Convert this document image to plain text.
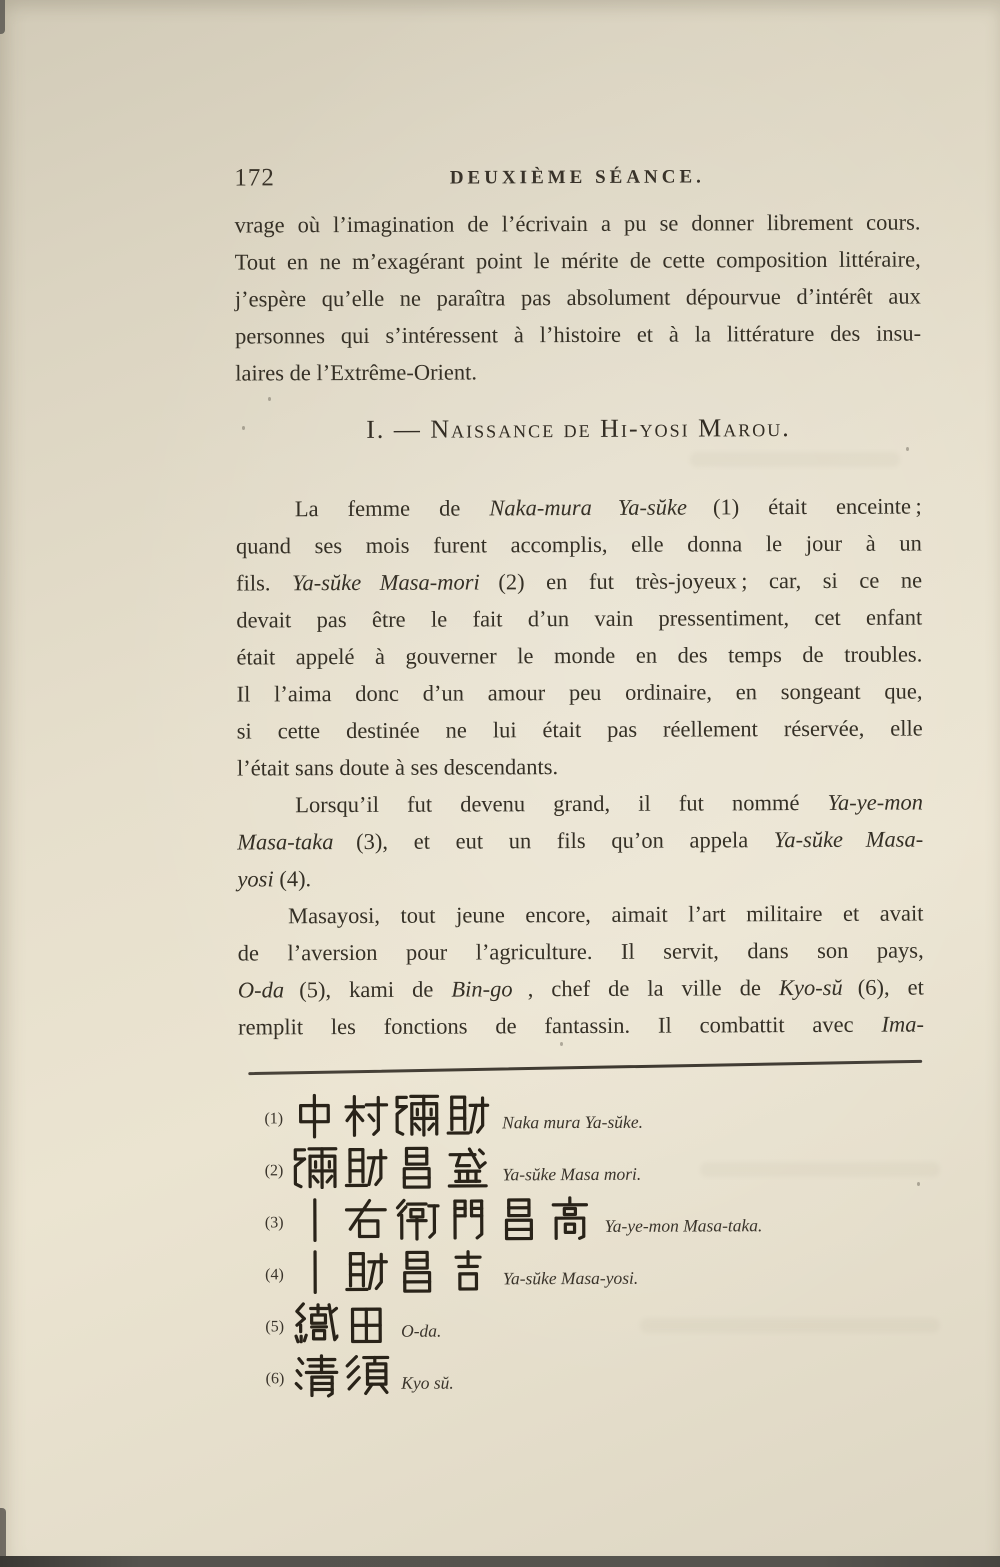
172	DEUXIÈME SÉANCE.
vrage où l’imagination de l’écrivain a pu se donner librement cours.
Tout en ne m’exagérant point le mérite de cette composition littéraire,
j’espère qu’elle ne paraîtra pas absolument dépourvue d’intérêt aux
personnes qui s’intéressent à l’histoire et à la littérature des insu-
laires de l’Extrême-Orient.
I. — Naissance de Hi-yosi Marou.
La femme de Naka-mura Ya-sŭke (1) était enceinte ;
quand ses mois furent accomplis, elle donna le jour à un
fils. Ya-sŭke Masa-mori (2) en fut très-joyeux ; car, si ce ne
devait pas être le fait d’un vain pressentiment, cet enfant
était appelé à gouverner le monde en des temps de troubles.
Il l’aima donc d’un amour peu ordinaire, en songeant que,
si cette destinée ne lui était pas réellement réservée, elle
l’était sans doute à ses descendants.
Lorsqu’il fut devenu grand, il fut nommé Ya-ye-mon
Masa-taka (3), et eut un fils qu’on appela Ya-sŭke Masa-
yosi (4).
Masayosi, tout jeune encore, aimait l’art militaire et avait
de l’aversion pour l’agriculture. Il servit, dans son pays,
O-da (5), kami de Bin-go , chef de la ville de Kyo-sŭ (6), et
remplit les fonctions de fantassin. Il combattit avec Ima-
(1)	Naka mura Ya-sŭke.
(2)	Ya-sŭke Masa mori.
(3)	Ya-ye-mon Masa-taka.
(4)	Ya-sŭke Masa-yosi.
(5)	O-da.
(6)	Kyo sŭ.
